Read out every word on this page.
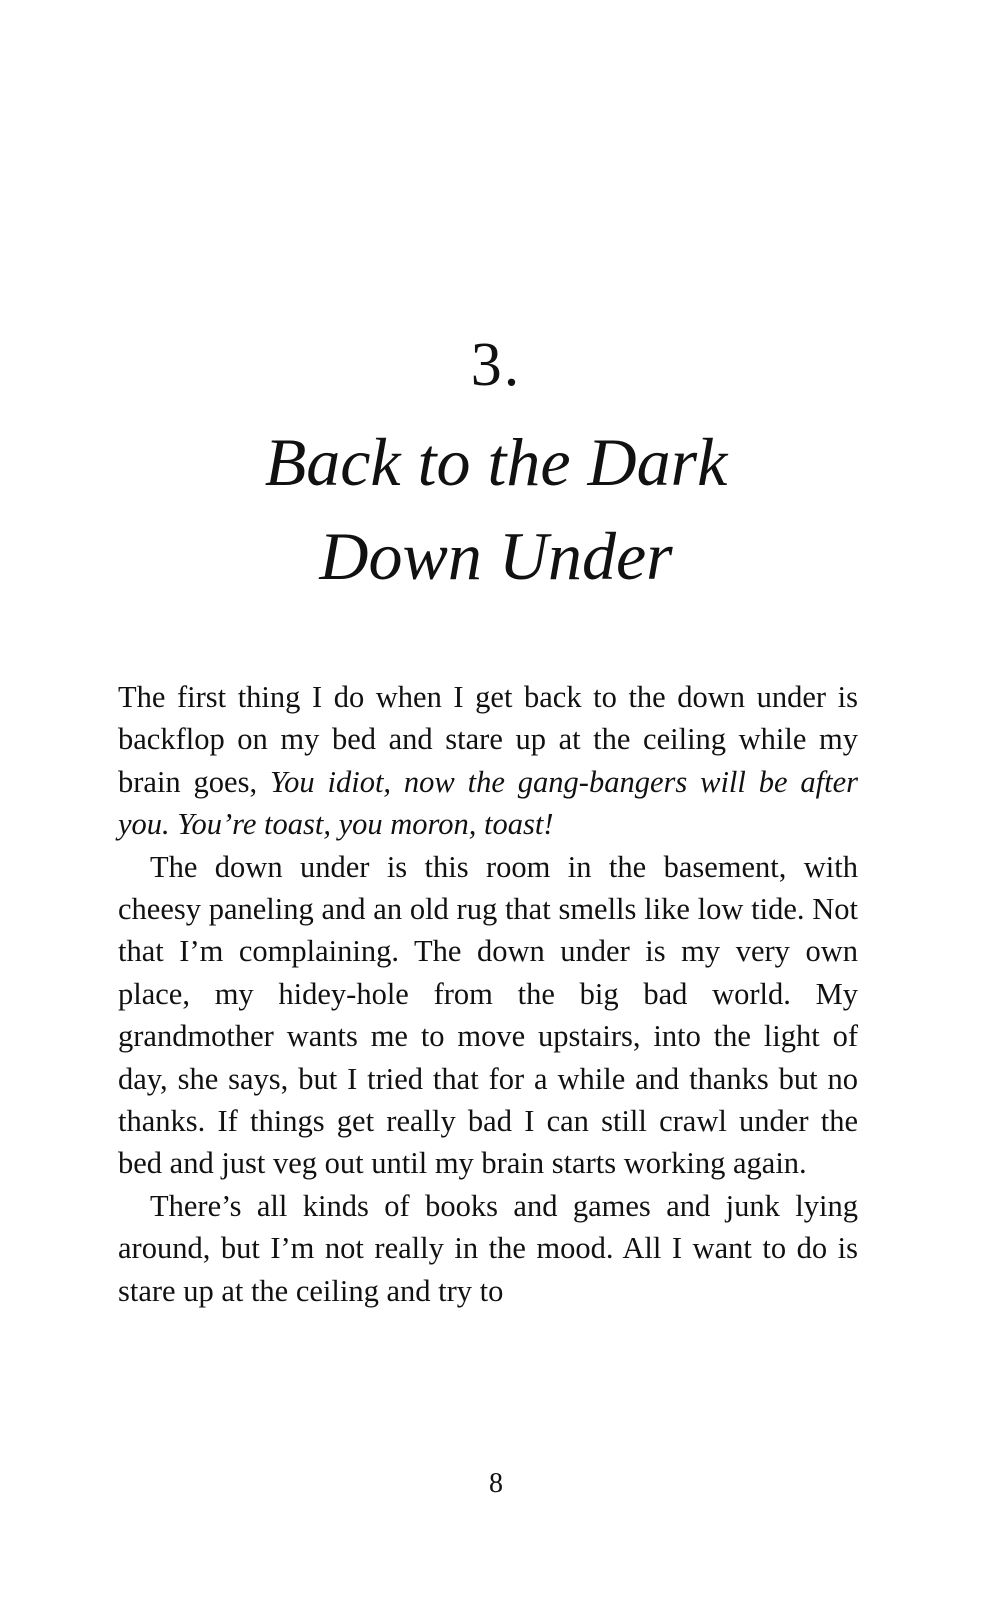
3.
Back to the Dark
Down Under

The first thing I do when I get back to the down under is backflop on my bed and stare up at the ceiling while my brain goes, You idiot, now the gang-bangers will be after you. You’re toast, you moron, toast!

The down under is this room in the basement, with cheesy paneling and an old rug that smells like low tide. Not that I’m complaining. The down under is my very own place, my hidey-hole from the big bad world. My grandmother wants me to move upstairs, into the light of day, she says, but I tried that for a while and thanks but no thanks. If things get really bad I can still crawl under the bed and just veg out until my brain starts working again.

There’s all kinds of books and games and junk lying around, but I’m not really in the mood. All I want to do is stare up at the ceiling and try to

8
